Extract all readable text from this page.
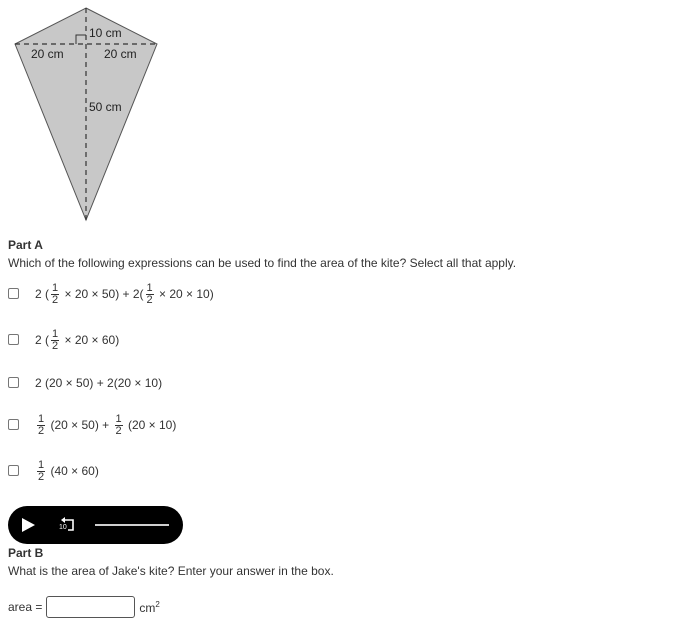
10 cm
20 cm	20 cm
50 cm

Part A

Which of the following expressions can be used to find the area of the kite? Select all that apply.

2 ( $\frac{1}{2} \times 20 \times 50) + 2( \frac{1}{2} \times 20 \times 10)$
2 ( $\frac{1}{2} \times 20 \times 60$)
2 (20 × 50) + 2(20 × 10)
$\frac{1}{2} (20 \times 50) + \frac{1}{2} (20 \times 10)$
$\frac{1}{2} (40 \times 60)$
10

Part B

What is the area of Jake's kite? Enter your answer in the box.

area =	$cm^2$
